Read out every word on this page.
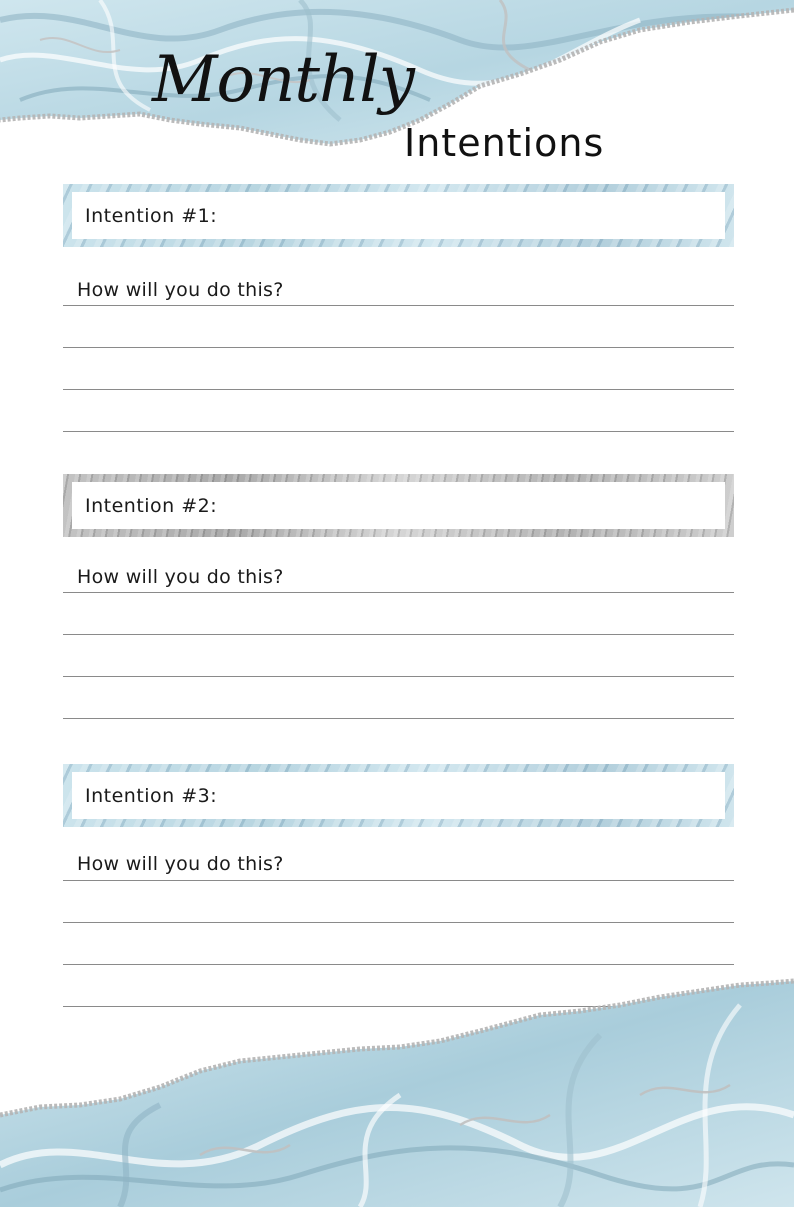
Monthly
Intentions
Intention #1:
How will you do this?
Intention #2:
How will you do this?
Intention #3:
How will you do this?
